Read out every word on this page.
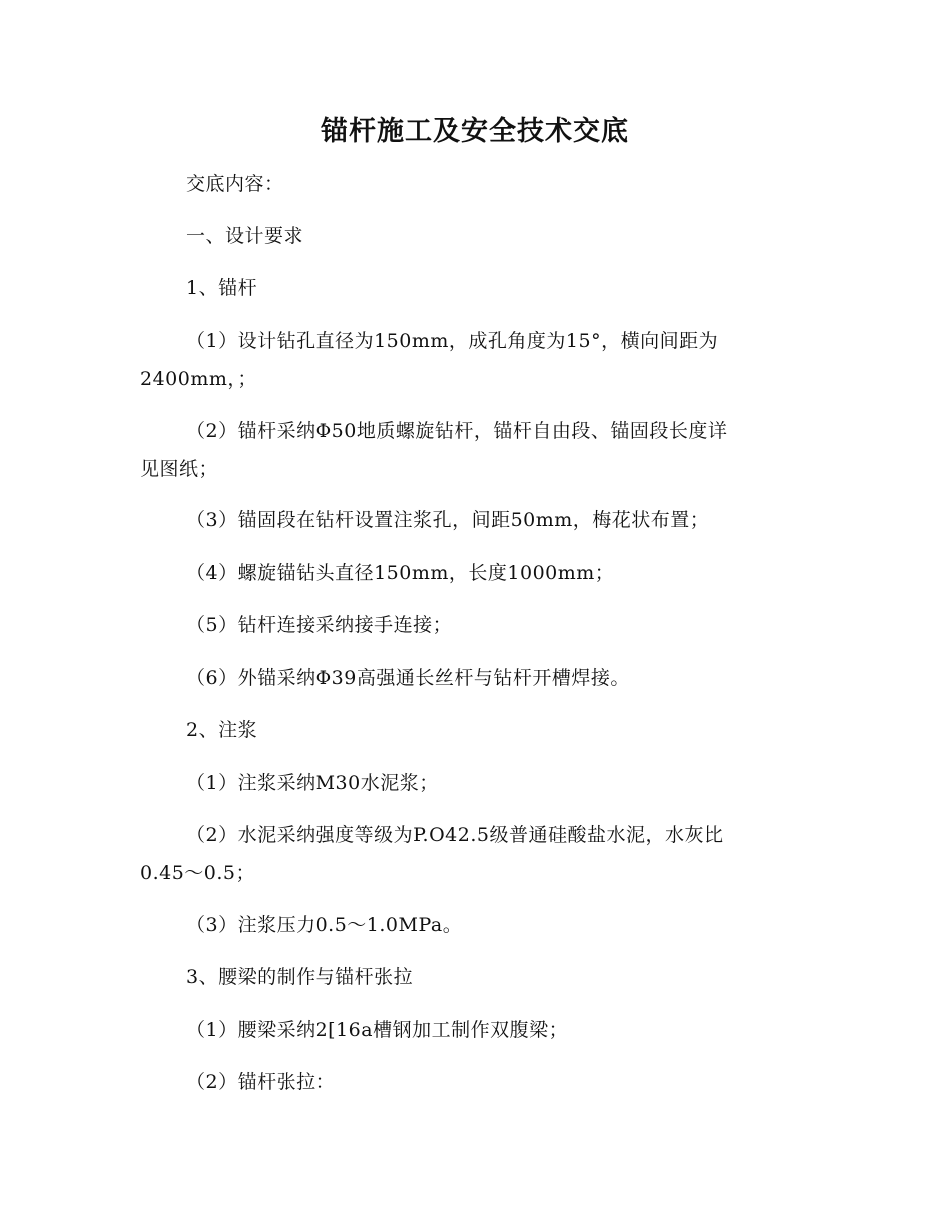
锚杆施工及安全技术交底
交底内容：
一、设计要求
1、锚杆
（1）设计钻孔直径为150mm，成孔角度为15°，横向间距为
2400mm，；
（2）锚杆采纳Φ50地质螺旋钻杆，锚杆自由段、锚固段长度详
见图纸；
（3）锚固段在钻杆设置注浆孔，间距50mm，梅花状布置；
（4）螺旋锚钻头直径150mm，长度1000mm；
（5）钻杆连接采纳接手连接；
（6）外锚采纳Φ39高强通长丝杆与钻杆开槽焊接。
2、注浆
（1）注浆采纳M30水泥浆；
（2）水泥采纳强度等级为P.O42.5级普通硅酸盐水泥，水灰比
0.45～0.5；
（3）注浆压力0.5～1.0MPa。
3、腰梁的制作与锚杆张拉
（1）腰梁采纳2[16a槽钢加工制作双腹梁；
（2）锚杆张拉：
